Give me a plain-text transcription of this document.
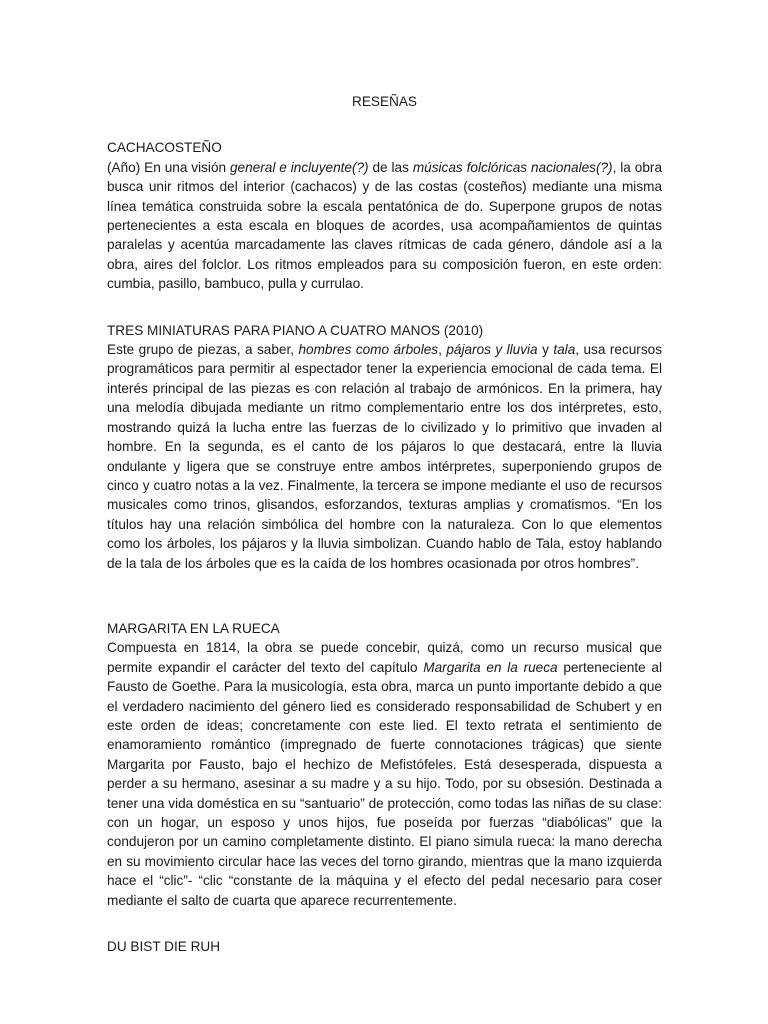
RESEÑAS
CACHACOSTEÑO

(Año) En una visión general e incluyente(?) de las músicas folclóricas nacionales(?), la obra busca unir ritmos del interior (cachacos) y de las costas (costeños) mediante una misma línea temática construida sobre la escala pentatónica de do. Superpone grupos de notas pertenecientes a esta escala en bloques de acordes, usa acompañamientos de quintas paralelas y acentúa marcadamente las claves rítmicas de cada género, dándole así a la obra, aires del folclor. Los ritmos empleados para su composición fueron, en este orden: cumbia, pasillo, bambuco, pulla y currulao.

TRES MINIATURAS PARA PIANO A CUATRO MANOS (2010)

Este grupo de piezas, a saber, hombres como árboles, pájaros y lluvia y tala, usa recursos programáticos para permitir al espectador tener la experiencia emocional de cada tema. El interés principal de las piezas es con relación al trabajo de armónicos. En la primera, hay una melodía dibujada mediante un ritmo complementario entre los dos intérpretes, esto, mostrando quizá la lucha entre las fuerzas de lo civilizado y lo primitivo que invaden al hombre. En la segunda, es el canto de los pájaros lo que destacará, entre la lluvia ondulante y ligera que se construye entre ambos intérpretes, superponiendo grupos de cinco y cuatro notas a la vez. Finalmente, la tercera se impone mediante el uso de recursos musicales como trinos, glisandos, esforzandos, texturas amplias y cromatismos. “En los títulos hay una relación simbólica del hombre con la naturaleza. Con lo que elementos como los árboles, los pájaros y la lluvia simbolizan. Cuando hablo de Tala, estoy hablando de la tala de los árboles que es la caída de los hombres ocasionada por otros hombres”.

MARGARITA EN LA RUECA

Compuesta en 1814, la obra se puede concebir, quizá, como un recurso musical que permite expandir el carácter del texto del capítulo Margarita en la rueca perteneciente al Fausto de Goethe. Para la musicología, esta obra, marca un punto importante debido a que el verdadero nacimiento del género lied es considerado responsabilidad de Schubert y en este orden de ideas; concretamente con este lied. El texto retrata el sentimiento de enamoramiento romántico (impregnado de fuerte connotaciones trágicas) que siente Margarita por Fausto, bajo el hechizo de Mefistófeles. Está desesperada, dispuesta a perder a su hermano, asesinar a su madre y a su hijo. Todo, por su obsesión. Destinada a tener una vida doméstica en su “santuario” de protección, como todas las niñas de su clase: con un hogar, un esposo y unos hijos, fue poseída por fuerzas “diabólicas” que la condujeron por un camino completamente distinto. El piano simula rueca: la mano derecha en su movimiento circular hace las veces del torno girando, mientras que la mano izquierda hace el “clic”- “clic “constante de la máquina y el efecto del pedal necesario para coser mediante el salto de cuarta que aparece recurrentemente.

DU BIST DIE RUH
